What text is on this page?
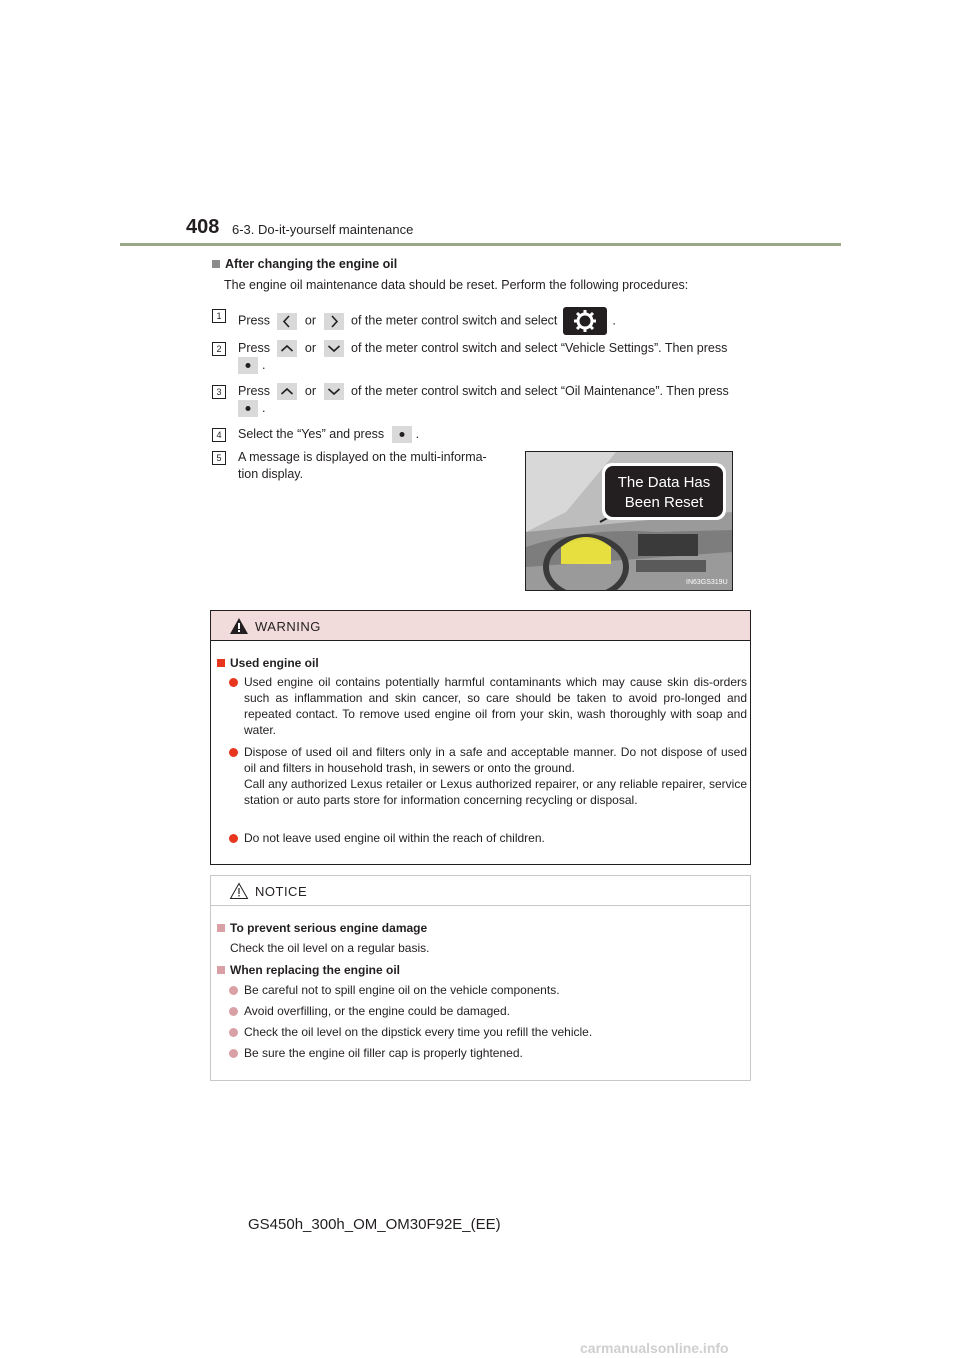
408 6-3. Do-it-yourself maintenance
After changing the engine oil
The engine oil maintenance data should be reset. Perform the following procedures:
1	Press	or	of the meter control switch and select	.
2	Press	or	of the meter control switch and select “Vehicle Settings”. Then press

.
3	Press	or	of the meter control switch and select “Oil Maintenance”. Then press

.
4	Select the “Yes” and press	.
5	A message is displayed on the multi-informa-
tion display.	The Data Has
Been Reset
IN63GS319U
WARNING
Used engine oil
Used engine oil contains potentially harmful contaminants which may cause skin dis-orders such as inflammation and skin cancer, so care should be taken to avoid pro-longed and repeated contact. To remove used engine oil from your skin, wash thoroughly with soap and water.
Dispose of used oil and filters only in a safe and acceptable manner. Do not dispose of used oil and filters in household trash, in sewers or onto the ground.
Call any authorized Lexus retailer or Lexus authorized repairer, or any reliable repairer, service station or auto parts store for information concerning recycling or disposal.
Do not leave used engine oil within the reach of children.
NOTICE
To prevent serious engine damage
Check the oil level on a regular basis.
When replacing the engine oil
Be careful not to spill engine oil on the vehicle components.
Avoid overfilling, or the engine could be damaged.
Check the oil level on the dipstick every time you refill the vehicle.
Be sure the engine oil filler cap is properly tightened.
GS450h_300h_OM_OM30F92E_(EE)
carmanualsonline.info
